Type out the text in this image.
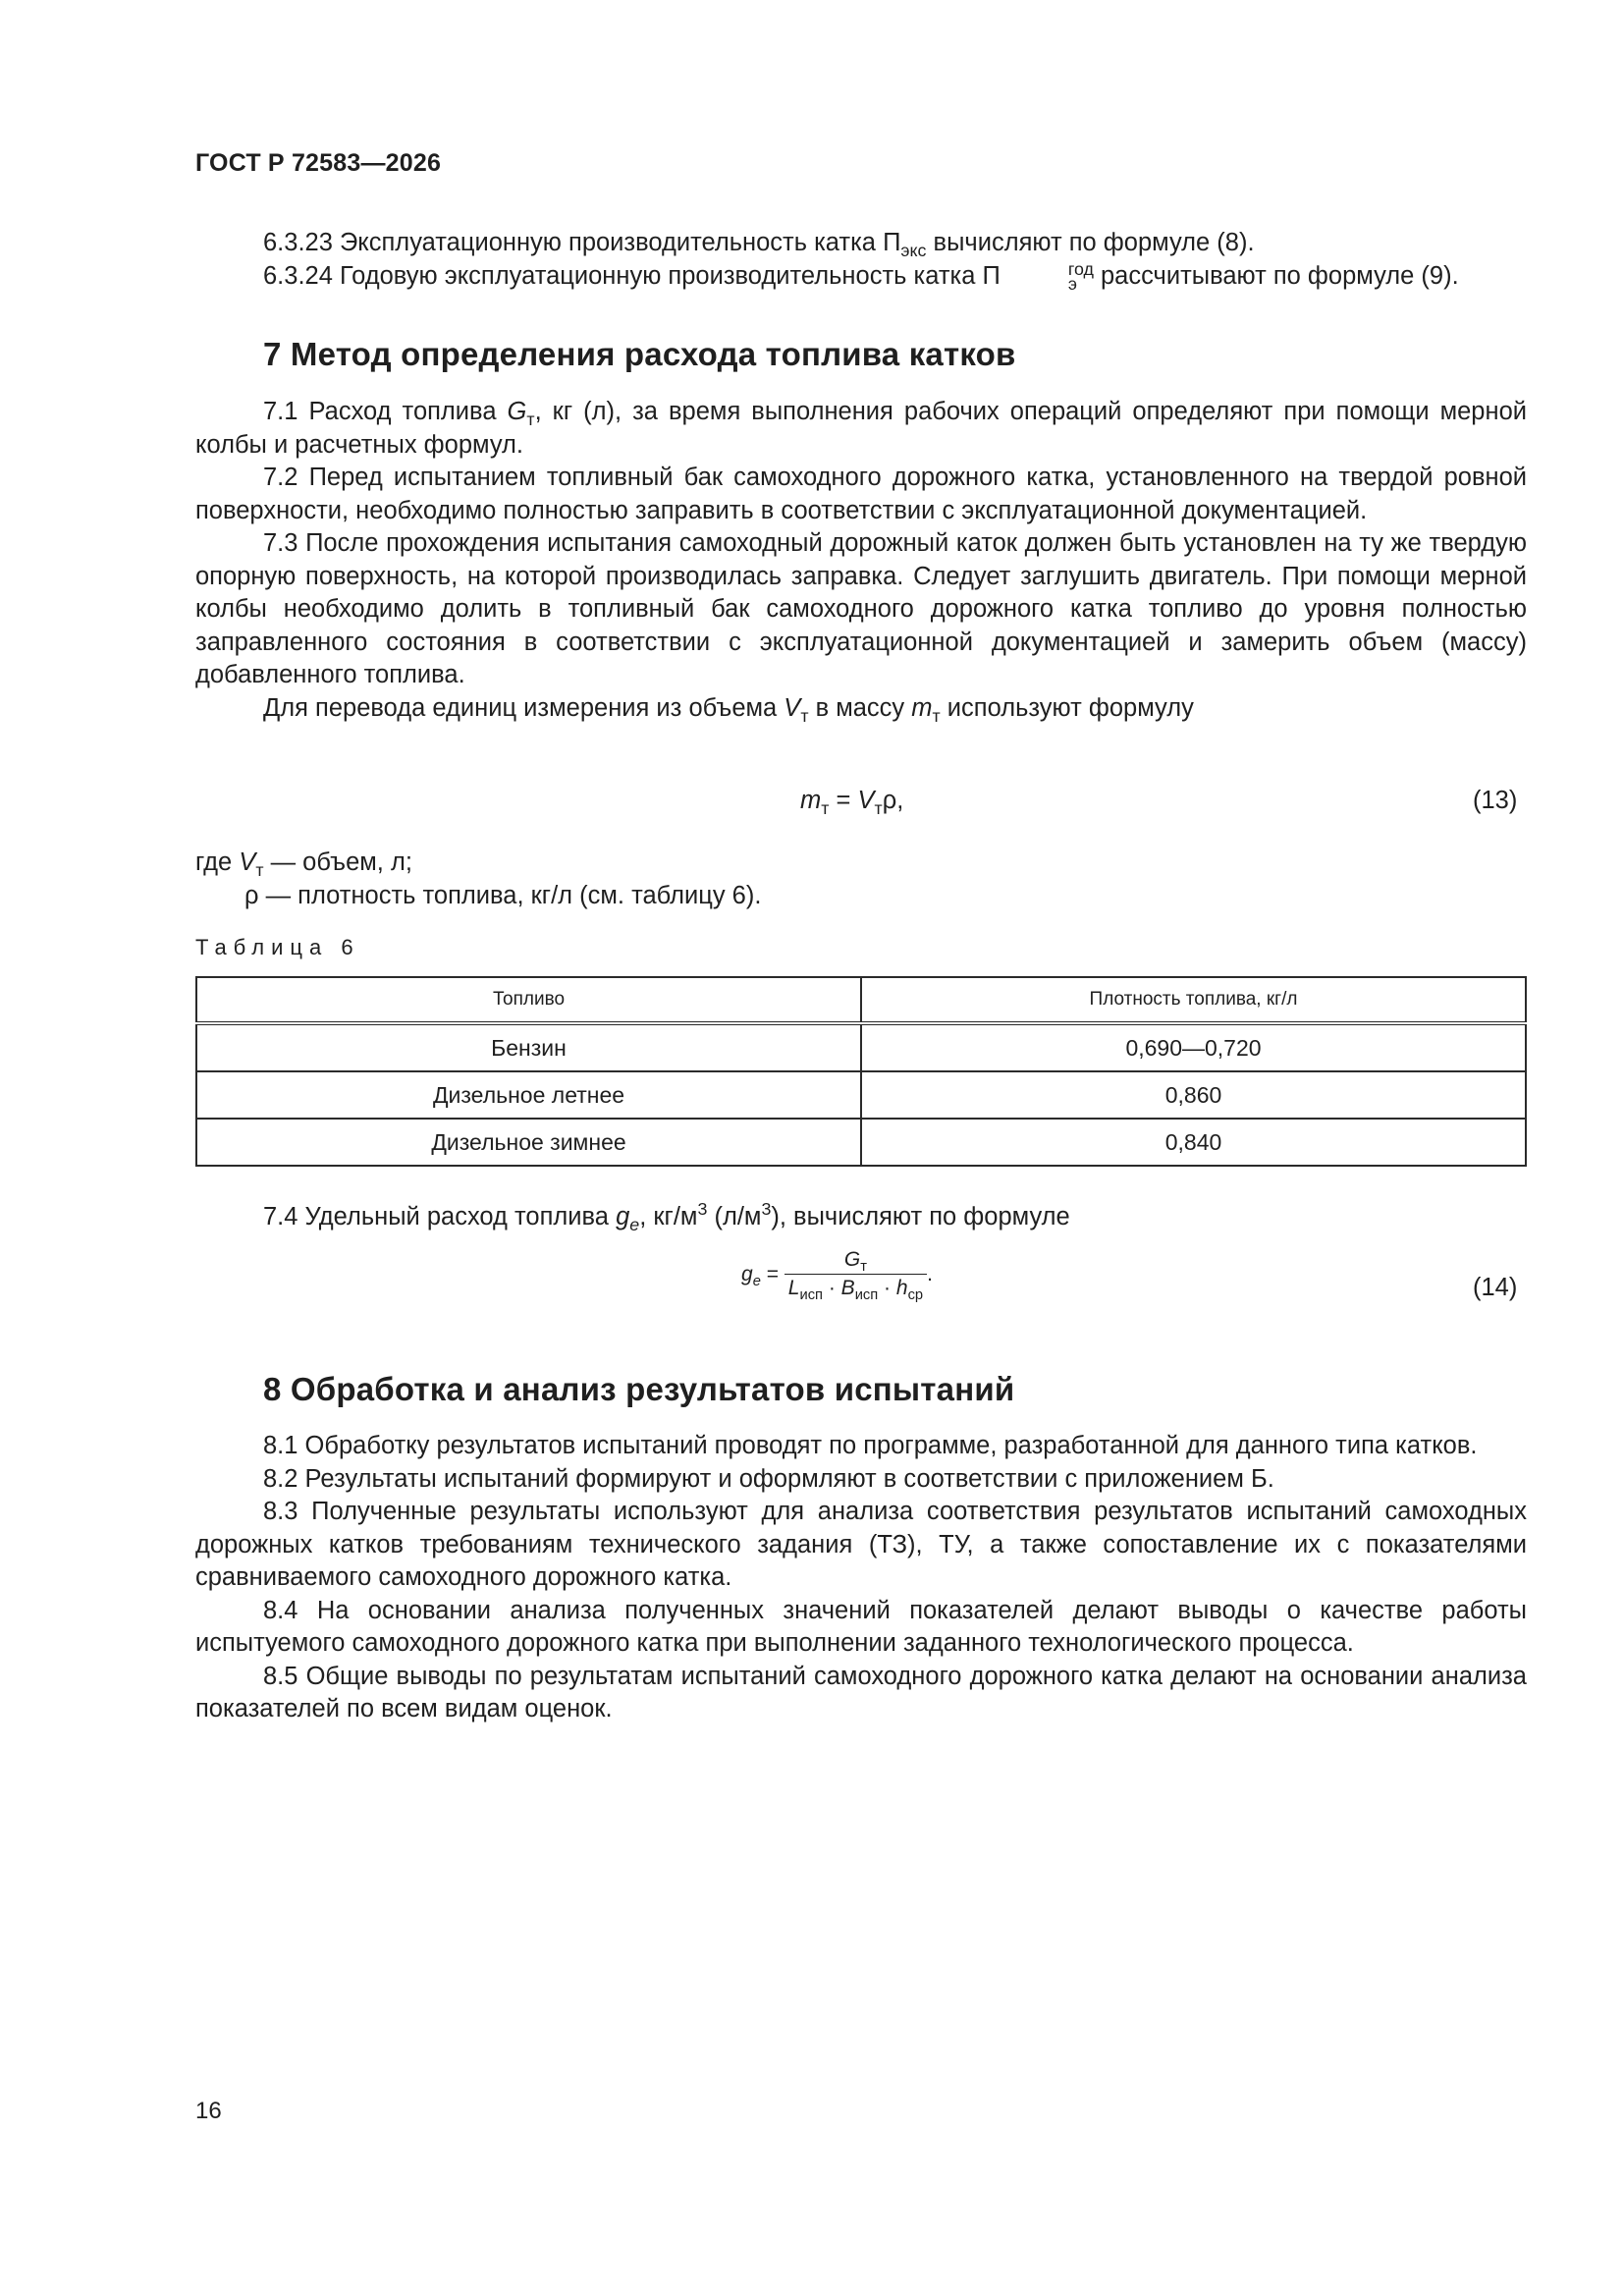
ГОСТ Р 72583—2026

6.3.23 Эксплуатационную производительность катка $П_{экс}$ вычисляют по формуле (8).

6.3.24 Годовую эксплуатационную производительность катка П	год
э рассчитывают по формуле (9).

7 Метод определения расхода топлива катков

7.1 Расход топлива $G_т$, кг (л), за время выполнения рабочих операций определяют при помощи мерной колбы и расчетных формул.

7.2 Перед испытанием топливный бак самоходного дорожного катка, установленного на твердой ровной поверхности, необходимо полностью заправить в соответствии с эксплуатационной документацией.

7.3 После прохождения испытания самоходный дорожный каток должен быть установлен на ту же твердую опорную поверхность, на которой производилась заправка. Следует заглушить двигатель. При помощи мерной колбы необходимо долить в топливный бак самоходного дорожного катка топливо до уровня полностью заправленного состояния в соответствии с эксплуатационной документацией и замерить объем (массу) добавленного топлива.

Для перевода единиц измерения из объема $V_т$ в массу $m_т$ используют формулу

$m_т = V_т\rho$,	(13)
где $V_т$ — объем, л;
ρ — плотность топлива, кг/л (см. таблицу 6).
Таблица 6
Топливо	Плотность топлива, кг/л
Бензин	0,690—0,720
Дизельное летнее	0,860
Дизельное зимнее	0,840

7.4 Удельный расход топлива $g_e$, $кг/м^3$ $(л/м^3)$, вычисляют по формуле

$g_e = \frac{G_т}{L_{исп} \cdot B_{исп} \cdot h_{ср}}$ .	(14)
8 Обработка и анализ результатов испытаний

8.1 Обработку результатов испытаний проводят по программе, разработанной для данного типа катков.

8.2 Результаты испытаний формируют и оформляют в соответствии с приложением Б.

8.3 Полученные результаты используют для анализа соответствия результатов испытаний самоходных дорожных катков требованиям технического задания (ТЗ), ТУ, а также сопоставление их с показателями сравниваемого самоходного дорожного катка.

8.4 На основании анализа полученных значений показателей делают выводы о качестве работы испытуемого самоходного дорожного катка при выполнении заданного технологического процесса.

8.5 Общие выводы по результатам испытаний самоходного дорожного катка делают на основании анализа показателей по всем видам оценок.

16
